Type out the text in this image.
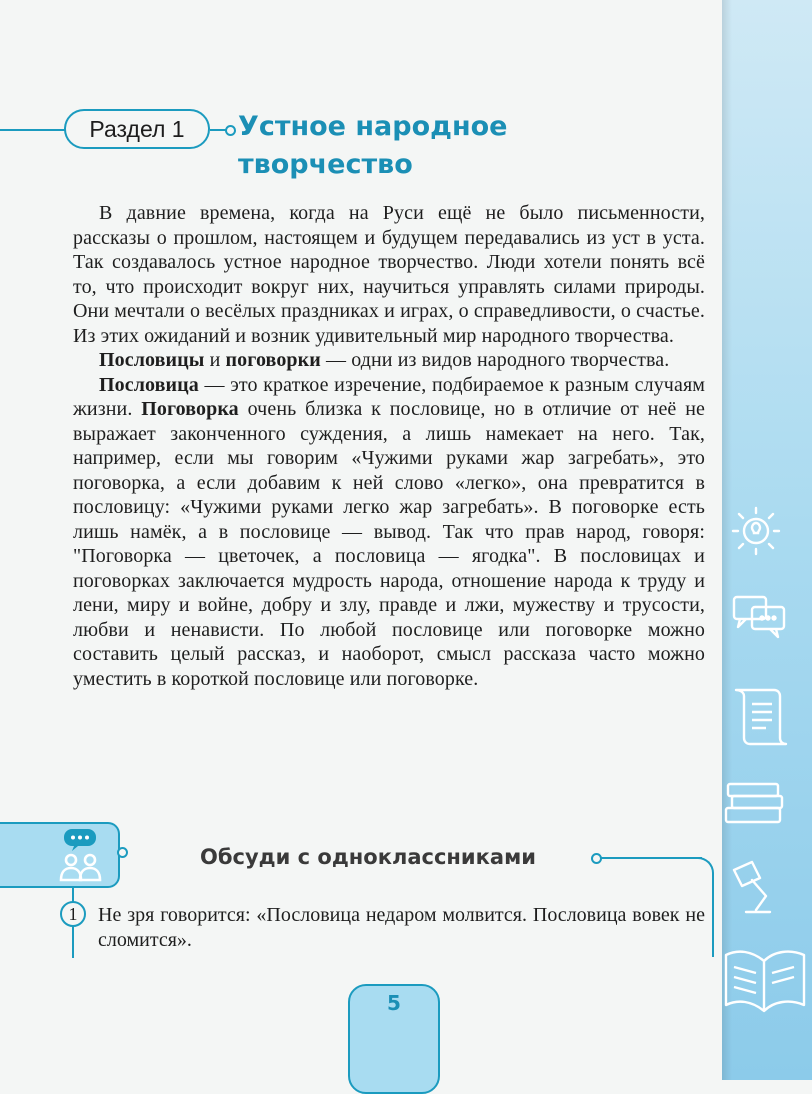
Раздел 1	Устное народное
творчество

В давние времена, когда на Руси ещё не было письменности, рассказы о прошлом, настоящем и будущем передавались из уст в уста. Так создавалось устное народное творчество. Люди хотели понять всё то, что происходит вокруг них, научиться управлять силами природы. Они мечтали о весёлых праздниках и играх, о справедливости, о счастье. Из этих ожиданий и возник удивительный мир народного творчества.

Пословицы и поговорки — одни из видов народного творчества.

Пословица — это краткое изречение, подбираемое к разным случаям жизни. Поговорка очень близка к пословице, но в отличие от неё не выражает законченного суждения, а лишь намекает на него. Так, например, если мы говорим «Чужими руками жар загребать», это поговорка, а если добавим к ней слово «легко», она превратится в пословицу: «Чужими руками легко жар загребать». В поговорке есть лишь намёк, а в пословице — вывод. Так что прав народ, говоря: "Поговорка — цветочек, а пословица — ягодка". В пословицах и поговорках заключается мудрость народа, отношение народа к труду и лени, миру и войне, добру и злу, правде и лжи, мужеству и трусости, любви и ненависти. По любой пословице или поговорке можно составить целый рассказ, и наоборот, смысл рассказа часто можно уместить в короткой пословице или поговорке.

Обсуди с одноклассниками
1	Не зря говорится: «Пословица недаром молвится. Пословица вовек не сломится».

5
